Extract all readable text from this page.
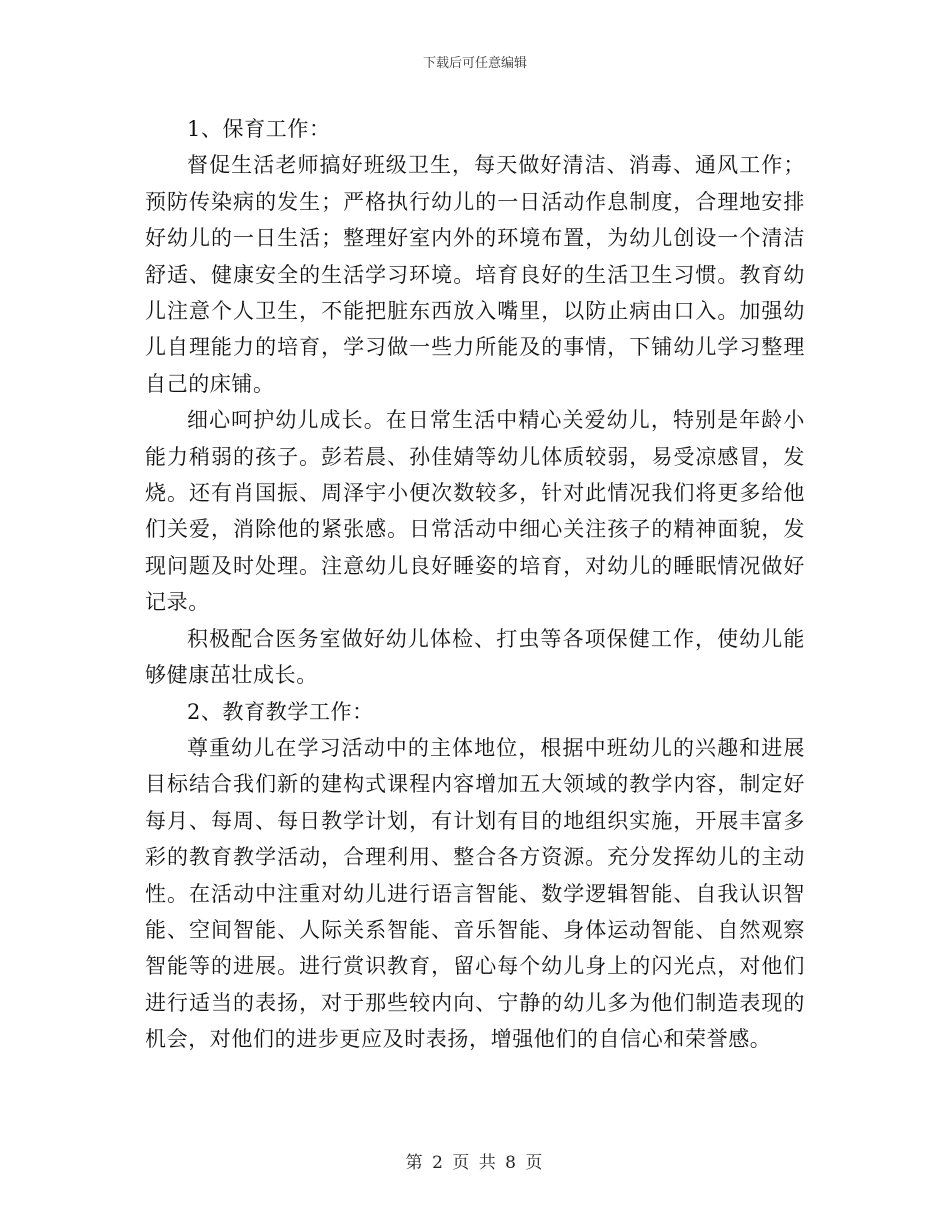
下载后可任意编辑

1、保育工作：

督促生活老师搞好班级卫生，每天做好清洁、消毒、通风工作；预防传染病的发生；严格执行幼儿的一日活动作息制度，合理地安排好幼儿的一日生活；整理好室内外的环境布置，为幼儿创设一个清洁舒适、健康安全的生活学习环境。培育良好的生活卫生习惯。教育幼儿注意个人卫生，不能把脏东西放入嘴里，以防止病由口入。加强幼儿自理能力的培育，学习做一些力所能及的事情，下铺幼儿学习整理自己的床铺。

细心呵护幼儿成长。在日常生活中精心关爱幼儿，特别是年龄小能力稍弱的孩子。彭若晨、孙佳婧等幼儿体质较弱，易受凉感冒，发烧。还有肖国振、周泽宇小便次数较多，针对此情况我们将更多给他们关爱，消除他的紧张感。日常活动中细心关注孩子的精神面貌，发现问题及时处理。注意幼儿良好睡姿的培育，对幼儿的睡眠情况做好记录。

积极配合医务室做好幼儿体检、打虫等各项保健工作，使幼儿能够健康茁壮成长。

2、教育教学工作：

尊重幼儿在学习活动中的主体地位，根据中班幼儿的兴趣和进展目标结合我们新的建构式课程内容增加五大领域的教学内容，制定好每月、每周、每日教学计划，有计划有目的地组织实施，开展丰富多彩的教育教学活动，合理利用、整合各方资源。充分发挥幼儿的主动性。在活动中注重对幼儿进行语言智能、数学逻辑智能、自我认识智能、空间智能、人际关系智能、音乐智能、身体运动智能、自然观察智能等的进展。进行赏识教育，留心每个幼儿身上的闪光点，对他们进行适当的表扬，对于那些较内向、宁静的幼儿多为他们制造表现的机会，对他们的进步更应及时表扬，增强他们的自信心和荣誉感。

第 2 页 共 8 页
